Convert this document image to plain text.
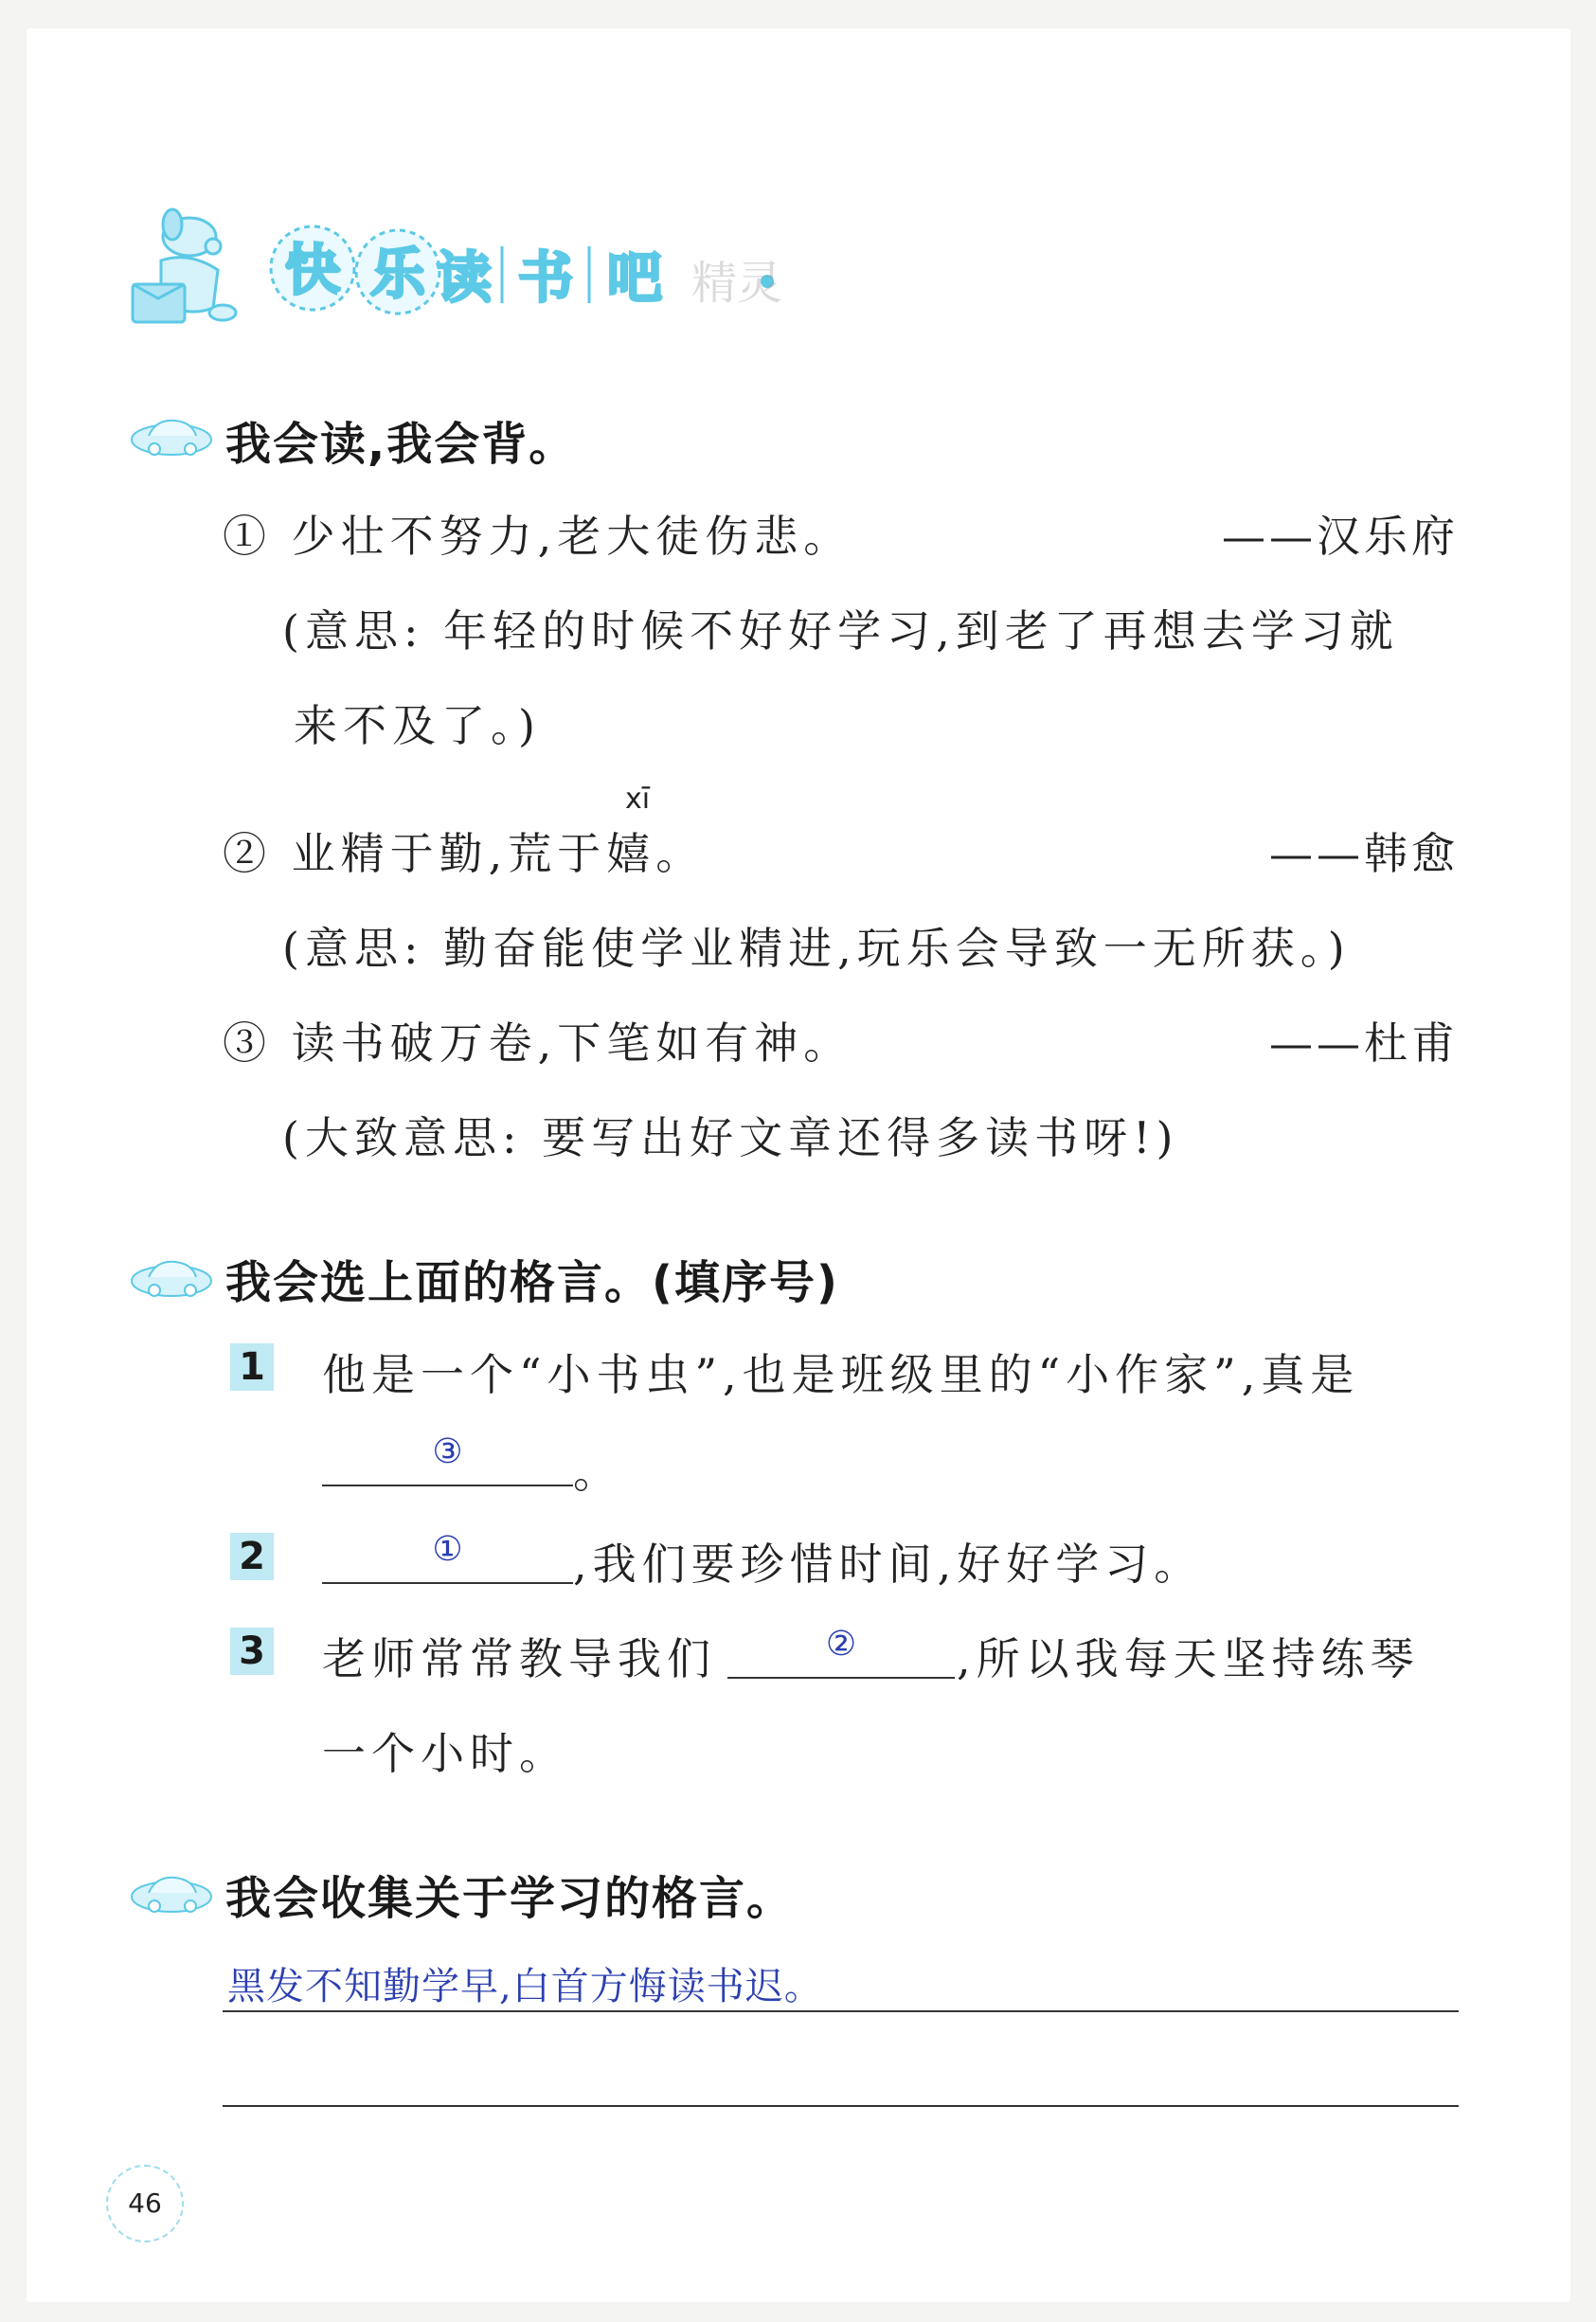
快 乐 读 书 吧 精灵
我会读,我会背。
① 少壮不努力,老大徒伤悲。	——汉乐府
(意思: 年轻的时候不好好学习,到老了再想去学习就
来不及了。)
xī
② 业精于勤,荒于嬉。	——韩愈
(意思: 勤奋能使学业精进,玩乐会导致一无所获。)
③ 读书破万卷,下笔如有神。	——杜甫
(大致意思: 要写出好文章还得多读书呀!)
我会选上面的格言。(填序号)
1 他是一个“小书虫”,也是班级里的“小作家”,真是
③	。
2	①	,我们要珍惜时间,好好学习。
3 老师常常教导我们	②	,所以我每天坚持练琴
一个小时。
我会收集关于学习的格言。
黑发不知勤学早,白首方悔读书迟。
46
